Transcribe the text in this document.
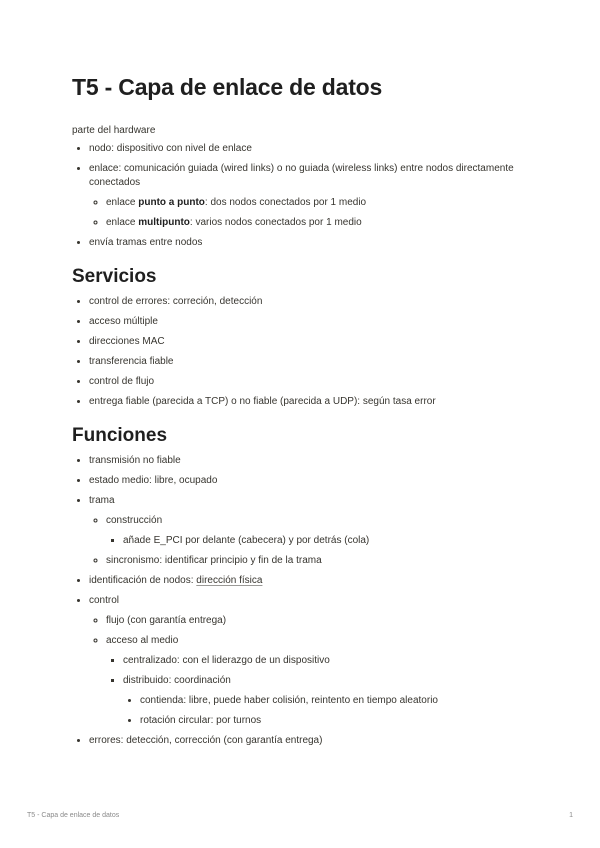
T5 - Capa de enlace de datos

parte del hardware

• nodo: dispositivo con nivel de enlace
• enlace: comunicación guiada (wired links) o no guiada (wireless links) entre nodos directamente conectados
◦ enlace punto a punto: dos nodos conectados por 1 medio
◦ enlace multipunto: varios nodos conectados por 1 medio
• envía tramas entre nodos
Servicios
• control de errores: correción, detección
• acceso múltiple
• direcciones MAC
• transferencia fiable
• control de flujo
• entrega fiable (parecida a TCP) o no fiable (parecida a UDP): según tasa error
Funciones
• transmisión no fiable
• estado medio: libre, ocupado
• trama
◦ construcción
▪ añade E_PCI por delante (cabecera) y por detrás (cola)
◦ sincronismo: identificar principio y fin de la trama
• identificación de nodos: dirección física
• control
◦ flujo (con garantía entrega)
◦ acceso al medio
▪ centralizado: con el liderazgo de un dispositivo
▪ distribuido: coordinación
• contienda: libre, puede haber colisión, reintento en tiempo aleatorio
• rotación circular: por turnos
• errores: detección, corrección (con garantía entrega)
T5 - Capa de enlace de datos	1
